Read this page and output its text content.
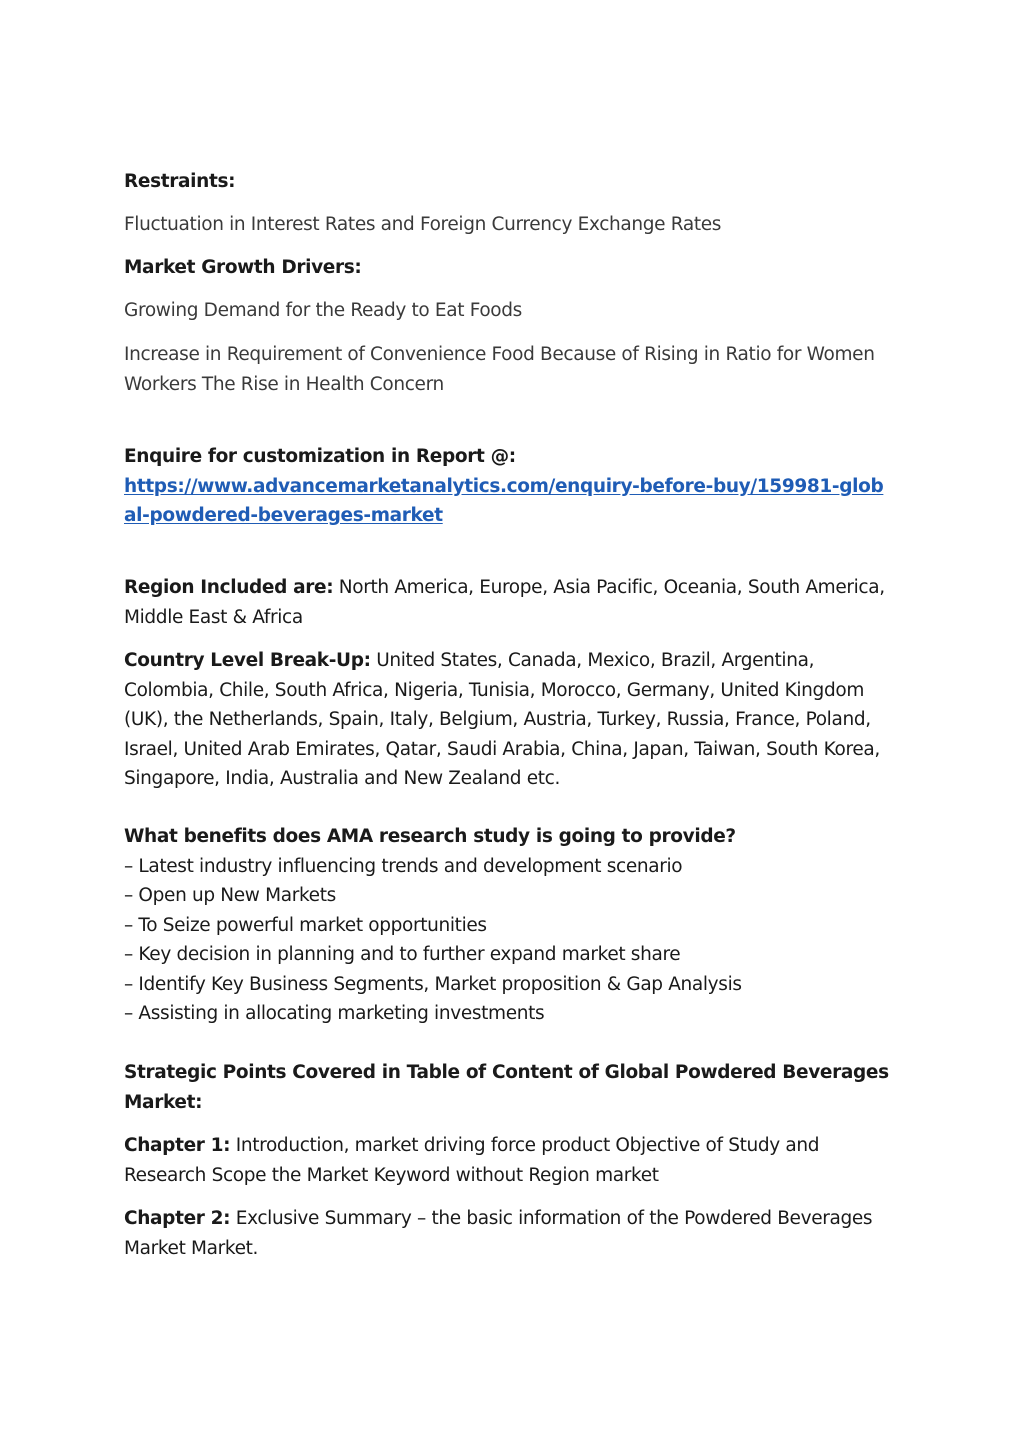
Restraints:
Fluctuation in Interest Rates and Foreign Currency Exchange Rates
Market Growth Drivers:
Growing Demand for the Ready to Eat Foods
Increase in Requirement of Convenience Food Because of Rising in Ratio for Women Workers The Rise in Health Concern
Enquire for customization in Report @:
https://www.advancemarketanalytics.com/enquiry-before-buy/159981-global-powdered-beverages-market
Region Included are: North America, Europe, Asia Pacific, Oceania, South America, Middle East & Africa
Country Level Break-Up: United States, Canada, Mexico, Brazil, Argentina, Colombia, Chile, South Africa, Nigeria, Tunisia, Morocco, Germany, United Kingdom (UK), the Netherlands, Spain, Italy, Belgium, Austria, Turkey, Russia, France, Poland, Israel, United Arab Emirates, Qatar, Saudi Arabia, China, Japan, Taiwan, South Korea, Singapore, India, Australia and New Zealand etc.
What benefits does AMA research study is going to provide?
– Latest industry influencing trends and development scenario
– Open up New Markets
– To Seize powerful market opportunities
– Key decision in planning and to further expand market share
– Identify Key Business Segments, Market proposition & Gap Analysis
– Assisting in allocating marketing investments
Strategic Points Covered in Table of Content of Global Powdered Beverages Market:
Chapter 1: Introduction, market driving force product Objective of Study and Research Scope the Market Keyword without Region market
Chapter 2: Exclusive Summary – the basic information of the Powdered Beverages Market Market.
